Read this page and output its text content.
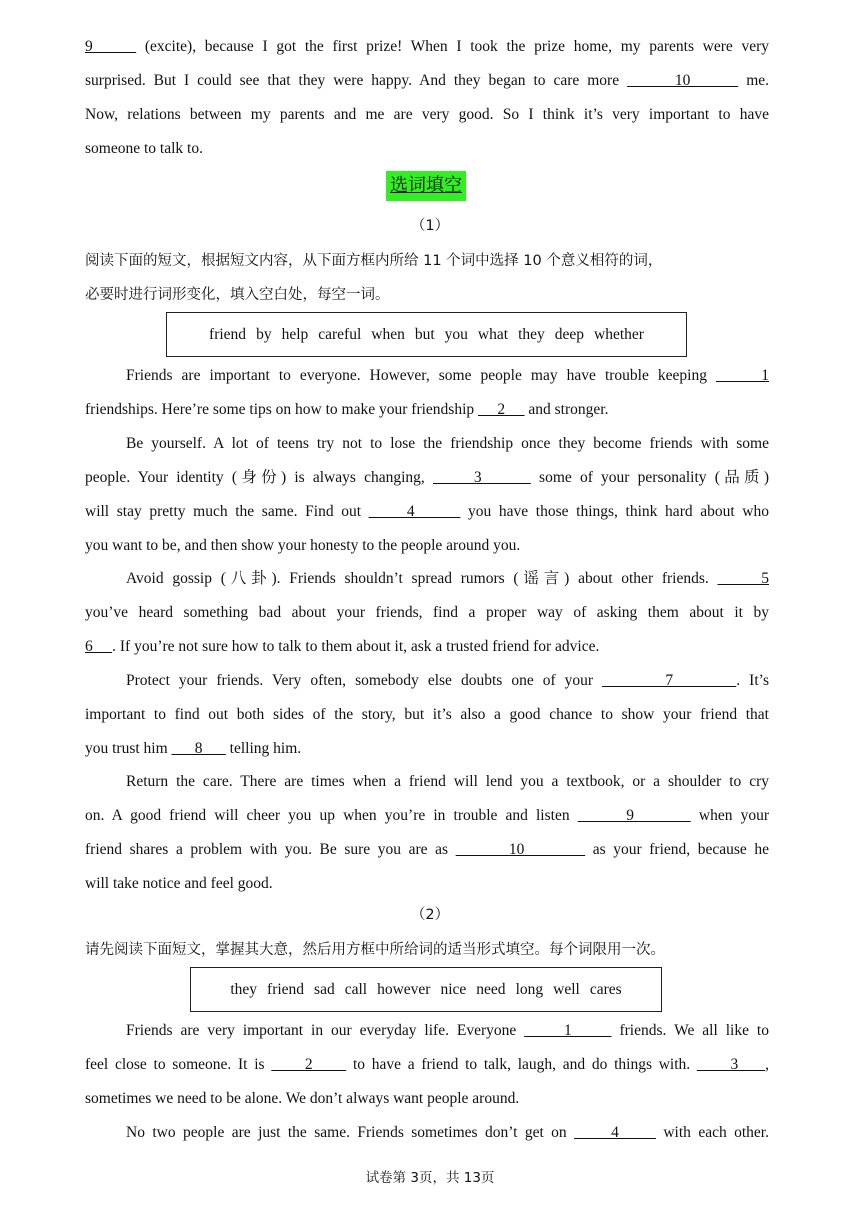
9      (excite), because I got the first prize! When I took the prize home, my parents were very
surprised. But I could see that they were happy. And they began to care more       10       me.
Now, relations between my parents and me are very good. So I think it’s very important to have
someone to talk to.
选词填空
（1）
阅读下面的短文，根据短文内容，从下面方框内所给 11 个词中选择 10 个意义相符的词，
必要时进行词形变化，填入空白处，每空一词。
friend by help careful when but you what they deep whether
Friends are important to everyone. However, some people may have trouble keeping      1
friendships. Here’re some tips on how to make your friendship      2      and stronger.
Be yourself. A lot of teens try not to lose the friendship once they become friends with some
people. Your identity (身份) is always changing,      3       some of your personality (品质)
will stay pretty much the same. Find out      4       you have those things, think hard about who
you want to be, and then show your honesty to the people around you.
Avoid gossip (八卦). Friends shouldn’t spread rumors (谣言) about other friends.      5
you’ve heard something bad about your friends, find a proper way of asking them about it by
6     . If you’re not sure how to talk to them about it, ask a trusted friend for advice.
Protect your friends. Very often, somebody else doubts one of your        7       . It’s
important to find out both sides of the story, but it’s also a good chance to show your friend that
you trust him       8       telling him.
Return the care. There are times when a friend will lend you a textbook, or a shoulder to cry
on. A good friend will cheer you up when you’re in trouble and listen       9        when your
friend shares a problem with you. Be sure you are as        10         as your friend, because he
will take notice and feel good.
（2）
请先阅读下面短文，掌握其大意，然后用方框中所给词的适当形式填空。每个词限用一次。
they friend sad call however nice need long well cares
Friends are very important in our everyday life. Everyone      1      friends. We all like to
feel close to someone. It is      2      to have a friend to talk, laugh, and do things with.      3    ,
sometimes we need to be alone. We don’t always want people around.
No two people are just the same. Friends sometimes don’t get on      4      with each other.
试卷第 3页，共 13页
